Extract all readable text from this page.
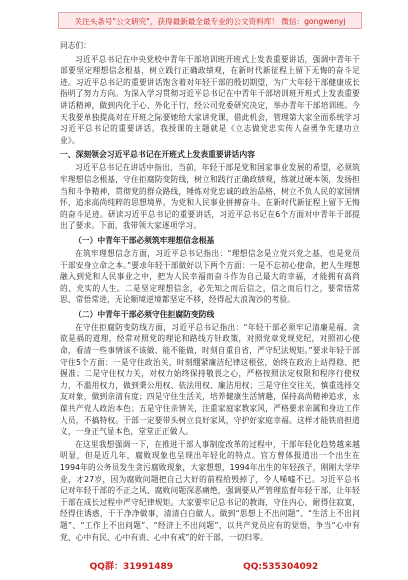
关注头条号"公文研究"，获得最新最全最专业的公文资料库！ 微信：gongwenyj
同志们：

习近平总书记在中央党校中青年干部培训班开班式上发表重要讲话，强调中青年干部要坚定理想信念根基，树立践行正确政绩观，在新时代新征程上留下无悔的奋斗足迹。习近平总书记的重要讲话饱含着对年轻干部的殷切期望，为广大年轻干部健康成长指明了努力方向。为深入学习贯彻习近平总书记在中青年干部培训班开班式上发表重要讲话精神，做到内化于心、外化于行，经公司党委研究决定，举办青年干部培训班。今天我要单独提高对在开班之际要她给大家讲党课，借此机会，管理第大家全面系统学习习近平总书记的重要讲话，我授课的主题就是《立志做党忠实传人奋勇争先建功立业》。

一、深刻领会习近平总书记在开班式上发表重要讲话内容

习近平总书记在讲话中指出，当前，年轻干部是党和国家事业发展的希望，必须筑牢理想信念根基，守住拒腐防变防线，树立和践行正确政绩观，练就过硬本领，发扬担当和斗争精神，贯彻党的群众路线，锤炼对党忠诚的政治品格，树立不负人民的家国情怀，追求高尚纯粹的思想境界。为党和人民事业拼搏奋斗。在新时代新征程上留下无悔的奋斗足迹。研读习近平总书记的重要讲话，习近平总书记在6个方面对中青年干部提出了要求。下面，我带领大家逐项学习。

（一）中青年干部必须筑牢理想信念根基

在筑牢理想信念方面，习近平总书记指出：“理想信念是立党兴党之基，也是党员干部安身立命之本。”要求年轻干部做好以下两个方面：一是不忘初心使命，把人生理想融入到党和人民事业之中，把为人民幸福而奋斗作为自己最大的幸福，才能拥有高尚的、充实的人生。二是坚定理想信念，必先知之而后信之，信之而后行之，要常悟常思、常悟常进，无论顺境逆境都坚定不移，经得起大浪淘沙的考验。

（二）中青年干部必须守住拒腐防变防线

在守住拒腐防变防线方面，习近平总书记指出：“年轻干部必须牢记清廉是福、贪欲是祸的道理，经常对照党的理论和路线方针政策，对照党章党规党纪，对照初心使命，看清一些事情该不该做、能不能做，时刻自重自省，严守纪法规矩。”要求年轻干部守住5个方面：一是守住政治关，时刻绷紧廉洁纪律这根弦，始终在政治上站得稳、把握准；二是守住权力关，对权力始终保持敬畏之心，严格按照法定权限和程序行使权力，不滥用权力，做到秉公用权、依法用权、廉洁用权；三是守住交往关，慎重选择交友对象，做到亲清有度；四是守住生活关，培养健康生活情趣，保持高尚精神追求，永葆共产党人政治本色；五是守住亲情关，注重家庭家教家风，严格要求亲属和身边工作人员，不搞特权。干部一定要带头树立良好家风，守护好家庭幸福。这样才能铁肩担道义，一身正气显本色，堂堂正正做人。

在这里我想强调一下，在推进干部人事制度改革的过程中，干部年轻化趋势越来越明显，但是近几年，腐败现象也呈现出年轻化的特点。官方曾体报道出一个出生在1994年的公务员发生贪污腐败现象，大家想想，1994年出生的年轻孩子，刚刚大学毕业，才27岁，因为腐败问题把自己大好的前程给毁掉了，令人唏嘘不已。习近平总书记对年轻干部的不正之风、腐败问题深恶痛绝，强调要从严管理监督年轻干部，让年轻干部在成长过程中严守纪律规矩。大家要牢记总书记的教诲，守住内心，耐得住寂寞，经得住诱惑，干干净净做事，清清白白做人。做到“思想上不出问题”、“生活上不出问题”、“工作上不出问题”、“经济上不出问题”，以共产党员应有的觉悟，争当“心中有党、心中有民、心中有责、心中有戒”的好干部，一切归零。

QQ群：31991489	QQ:535304092
